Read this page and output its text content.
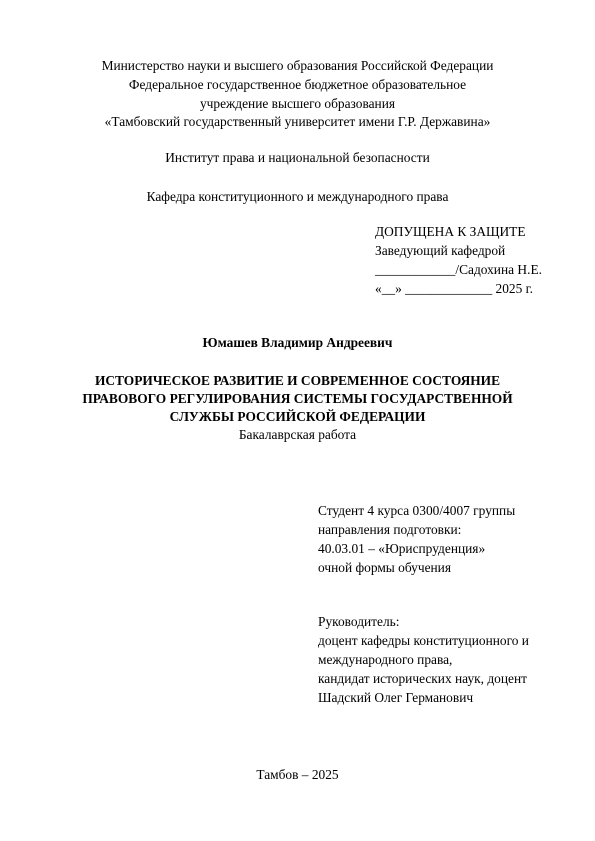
Министерство науки и высшего образования Российской Федерации
Федеральное государственное бюджетное образовательное
учреждение высшего образования
«Тамбовский государственный университет имени Г.Р. Державина»
Институт права и национальной безопасности
Кафедра конституционного и международного права
ДОПУЩЕНА К ЗАЩИТЕ
Заведующий кафедрой
____________/Садохина Н.Е.
«__» _____________ 2025 г.
Юмашев Владимир Андреевич
ИСТОРИЧЕСКОЕ РАЗВИТИЕ И СОВРЕМЕННОЕ СОСТОЯНИЕ
ПРАВОВОГО РЕГУЛИРОВАНИЯ СИСТЕМЫ ГОСУДАРСТВЕННОЙ
СЛУЖБЫ РОССИЙСКОЙ ФЕДЕРАЦИИ
Бакалаврская работа
Студент 4 курса 0300/4007 группы
направления подготовки:
40.03.01 – «Юриспруденция»
очной формы обучения
Руководитель:
доцент кафедры конституционного и
международного права,
кандидат исторических наук, доцент
Шадский Олег Германович
Тамбов – 2025
